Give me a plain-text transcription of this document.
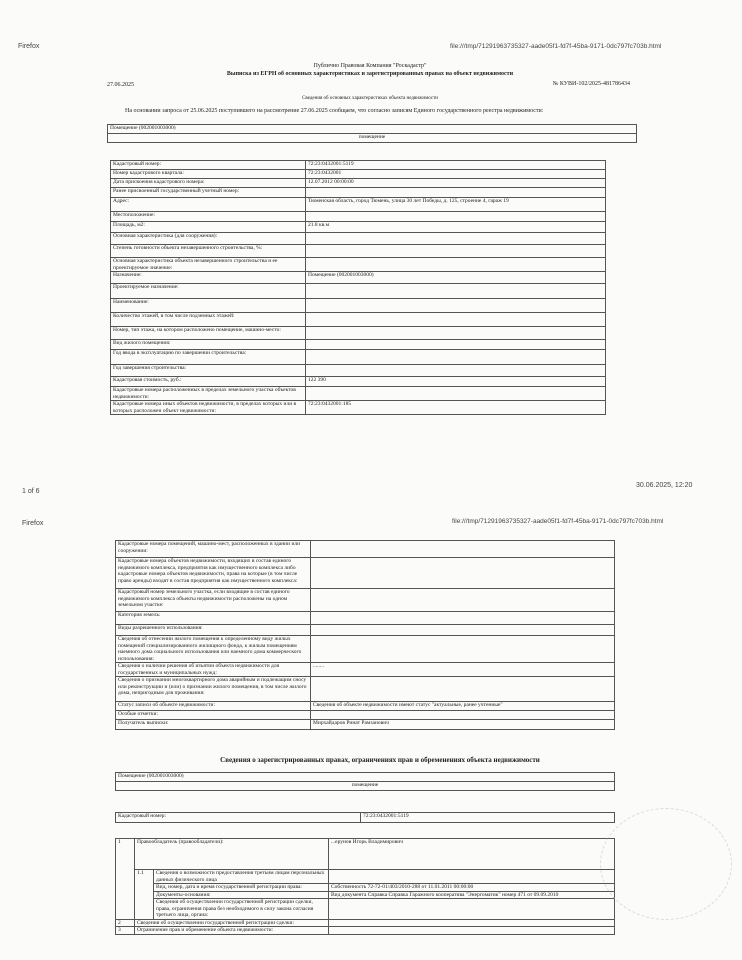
Firefox	file:///tmp/71291963735327-aade05f1-fd7f-45ba-9171-0dc797fc703b.html
Публично Правовая Компания "Роскадастр"
Выписка из ЕГРН об основных характеристиках и зарегистрированных правах на объект недвижимости
27.06.2025	№ КУВИ-102/2025-481786434
Сведения об основных характеристиках объекта недвижимости
На основании запроса от 25.06.2025 поступившего на рассмотрение 27.06.2025 сообщаем, что согласно записям Единого государственного реестра недвижимости:
Помещение (002001003000)
помещение
Кадастровый номер:	72:23:0432001:5119
Номер кадастрового квартала:	72:23:0432001
Дата присвоения кадастрового номера:	12.07.2012 00:00:00
Ранее присвоенный государственный учетный номер:	
Адрес:	Тюменская область, город Тюмень, улица 30 лет Победы, д. 125, строение 4, гараж 19
Местоположение:	
Площадь, м2:	21.8 кв.м
Основная характеристика (для сооружения):	
Степень готовности объекта незавершенного строительства, %:	
Основная характеристика объекта незавершенного строительства и ее проектируемое значение:	
Назначение:	Помещение (002001003000)
Проектируемое назначение:	
Наименование:	
Количество этажей, в том числе подземных этажей:	
Номер, тип этажа, на котором расположено помещение, машино-место:	
Вид жилого помещения:	
Год ввода в эксплуатацию по завершении строительства:	
Год завершения строительства:	
Кадастровая стоимость, руб.:	122 390
Кадастровые номера расположенных в пределах земельного участка объектов недвижимости:	
Кадастровые номера иных объектов недвижимости, в пределах которых или в которых расположен объект недвижимости:	72:23:0432001:185
1 of 6
30.06.2025, 12:20
Firefox	file:///tmp/71291963735327-aade05f1-fd7f-45ba-9171-0dc797fc703b.html
Кадастровые номера помещений, машино-мест, расположенных в здании или сооружении:	
Кадастровые номера объектов недвижимости, входящих в состав единого недвижимого комплекса, предприятия как имущественного комплекса либо кадастровые номера объектов недвижимости, права на которые (в том числе право аренды) входят в состав предприятия как имущественного комплекса:	
Кадастровый номер земельного участка, если входящие в состав единого недвижимого комплекса объекты недвижимости расположены на одном земельном участке:	
Категория земель:	
Виды разрешенного использования:	
Сведения об отнесении жилого помещения к определенному виду жилых помещений специализированного жилищного фонда, к жилым помещениям наемного дома социального использования или наемного дома коммерческого использования:	
Сведения о наличии решения об изъятии объекта недвижимости для государственных и муниципальных нужд:	........
Сведения о признании многоквартирного дома аварийным и подлежащим сносу или реконструкции и (или) о признании жилого помещения, в том числе жилого дома, непригодным для проживания:	
Статус записи об объекте недвижимости:	Сведения об объекте недвижимости имеют статус "актуальные, ранее учтенные"
Особые отметки:	
Получатель выписки:	Мирхайдаров Ринат Рамзанович
Сведения о зарегистрированных правах, ограничениях прав и обременениях объекта недвижимости
Помещение (002001003000)
помещение
Кадастровый номер:	72:23:0432001:5119
1	Правообладатель (правообладатели):		...ерунов Игорь Владимирович
	1.1	Сведения о возможности предоставления третьим лицам персональных данных физического лица	
		Вид, номер, дата и время государственной регистрации права:	Собственность 72-72-01/403/2010-288 от 11.01.2011 00:00:00
		Документы-основания:	Вид документа Справка Справка Гаражного кооператива "Энергоматик" номер 471 от 09.09.2010
		Сведения об осуществлении государственной регистрации сделки, права, ограничения права без необходимого в силу закона согласия третьего лица, органа:	
2	Сведения об осуществлении государственной регистрации сделки:		
3	Ограничение прав и обременение объекта недвижимости:		
